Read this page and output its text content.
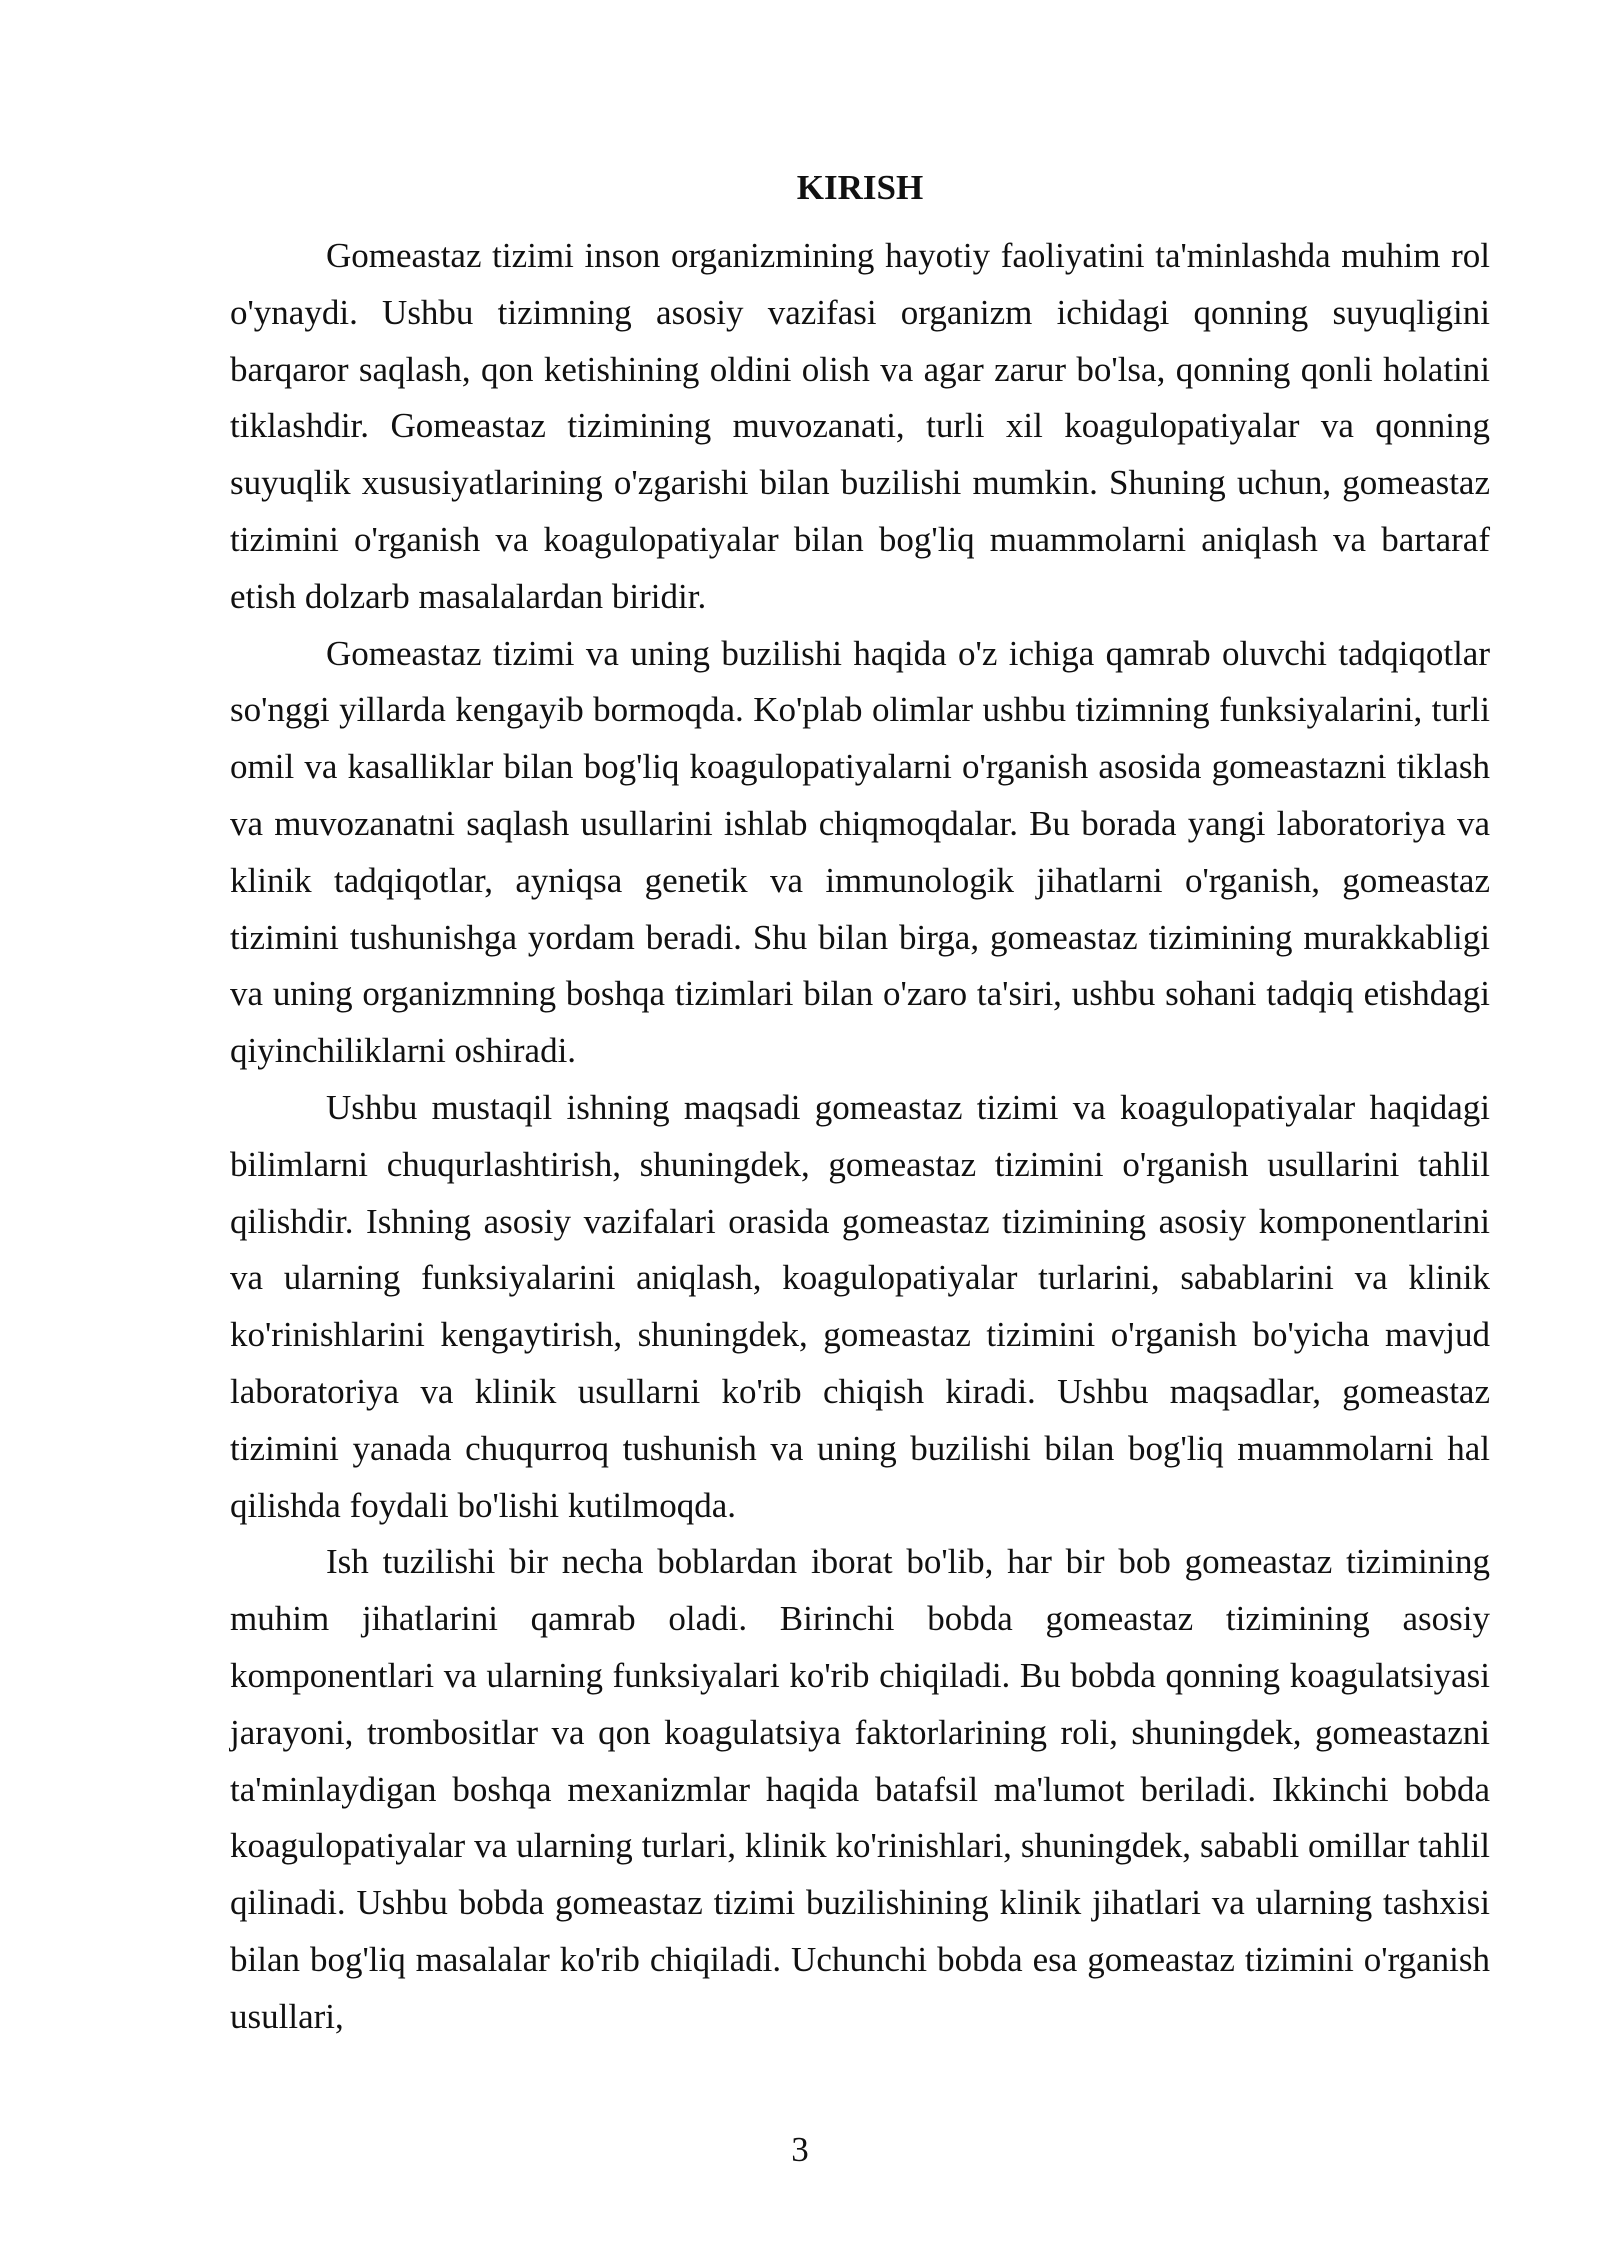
KIRISH

Gomeastaz tizimi inson organizmining hayotiy faoliyatini ta'minlashda muhim rol o'ynaydi. Ushbu tizimning asosiy vazifasi organizm ichidagi qonning suyuqligini barqaror saqlash, qon ketishining oldini olish va agar zarur bo'lsa, qonning qonli holatini tiklashdir. Gomeastaz tizimining muvozanati, turli xil koagulopatiyalar va qonning suyuqlik xususiyatlarining o'zgarishi bilan buzilishi mumkin. Shuning uchun, gomeastaz tizimini o'rganish va koagulopatiyalar bilan bog'liq muammolarni aniqlash va bartaraf etish dolzarb masalalardan biridir.

Gomeastaz tizimi va uning buzilishi haqida o'z ichiga qamrab oluvchi tadqiqotlar so'nggi yillarda kengayib bormoqda. Ko'plab olimlar ushbu tizimning funksiyalarini, turli omil va kasalliklar bilan bog'liq koagulopatiyalarni o'rganish asosida gomeastazni tiklash va muvozanatni saqlash usullarini ishlab chiqmoqdalar. Bu borada yangi laboratoriya va klinik tadqiqotlar, ayniqsa genetik va immunologik jihatlarni o'rganish, gomeastaz tizimini tushunishga yordam beradi. Shu bilan birga, gomeastaz tizimining murakkabligi va uning organizmning boshqa tizimlari bilan o'zaro ta'siri, ushbu sohani tadqiq etishdagi qiyinchiliklarni oshiradi.

Ushbu mustaqil ishning maqsadi gomeastaz tizimi va koagulopatiyalar haqidagi bilimlarni chuqurlashtirish, shuningdek, gomeastaz tizimini o'rganish usullarini tahlil qilishdir. Ishning asosiy vazifalari orasida gomeastaz tizimining asosiy komponentlarini va ularning funksiyalarini aniqlash, koagulopatiyalar turlarini, sabablarini va klinik ko'rinishlarini kengaytirish, shuningdek, gomeastaz tizimini o'rganish bo'yicha mavjud laboratoriya va klinik usullarni ko'rib chiqish kiradi. Ushbu maqsadlar, gomeastaz tizimini yanada chuqurroq tushunish va uning buzilishi bilan bog'liq muammolarni hal qilishda foydali bo'lishi kutilmoqda.

Ish tuzilishi bir necha boblardan iborat bo'lib, har bir bob gomeastaz tizimining muhim jihatlarini qamrab oladi. Birinchi bobda gomeastaz tizimining asosiy komponentlari va ularning funksiyalari ko'rib chiqiladi. Bu bobda qonning koagulatsiyasi jarayoni, trombositlar va qon koagulatsiya faktorlarining roli, shuningdek, gomeastazni ta'minlaydigan boshqa mexanizmlar haqida batafsil ma'lumot beriladi. Ikkinchi bobda koagulopatiyalar va ularning turlari, klinik ko'rinishlari, shuningdek, sababli omillar tahlil qilinadi. Ushbu bobda gomeastaz tizimi buzilishining klinik jihatlari va ularning tashxisi bilan bog'liq masalalar ko'rib chiqiladi. Uchunchi bobda esa gomeastaz tizimini o'rganish usullari,

3
